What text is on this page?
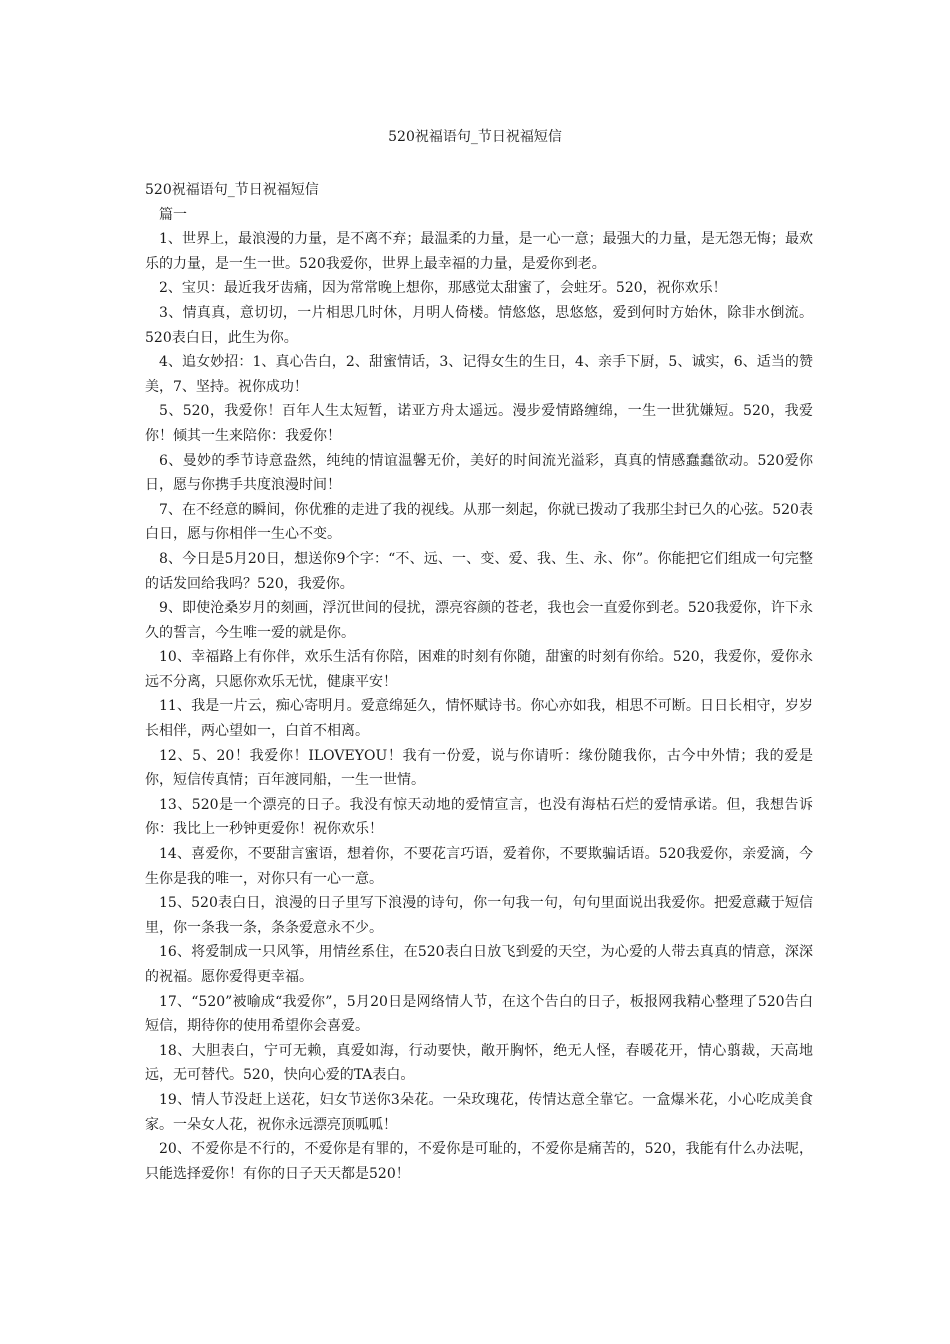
520祝福语句_节日祝福短信

520祝福语句_节日祝福短信

篇一

1、世界上，最浪漫的力量，是不离不弃；最温柔的力量，是一心一意；最强大的力量，是无怨无悔；最欢乐的力量，是一生一世。520我爱你，世界上最幸福的力量，是爱你到老。

2、宝贝：最近我牙齿痛，因为常常晚上想你，那感觉太甜蜜了，会蛀牙。520，祝你欢乐！

3、情真真，意切切，一片相思几时休，月明人倚楼。情悠悠，思悠悠，爱到何时方始休，除非水倒流。520表白日，此生为你。

4、追女妙招：1、真心告白，2、甜蜜情话，3、记得女生的生日，4、亲手下厨，5、诚实，6、适当的赞美，7、坚持。祝你成功！

5、520，我爱你！百年人生太短暂，诺亚方舟太遥远。漫步爱情路缠绵，一生一世犹嫌短。520，我爱你！倾其一生来陪你：我爱你！

6、曼妙的季节诗意盎然，纯纯的情谊温馨无价，美好的时间流光溢彩，真真的情感蠢蠢欲动。520爱你日，愿与你携手共度浪漫时间！

7、在不经意的瞬间，你优雅的走进了我的视线。从那一刻起，你就已拨动了我那尘封已久的心弦。520表白日，愿与你相伴一生心不变。

8、今日是5月20日，想送你9个字：“不、远、一、变、爱、我、生、永、你”。你能把它们组成一句完整的话发回给我吗？520，我爱你。

9、即使沧桑岁月的刻画，浮沉世间的侵扰，漂亮容颜的苍老，我也会一直爱你到老。520我爱你，许下永久的誓言，今生唯一爱的就是你。

10、幸福路上有你伴，欢乐生活有你陪，困难的时刻有你随，甜蜜的时刻有你给。520，我爱你，爱你永远不分离，只愿你欢乐无忧，健康平安！

11、我是一片云，痴心寄明月。爱意绵延久，情怀赋诗书。你心亦如我，相思不可断。日日长相守，岁岁长相伴，两心望如一，白首不相离。

12、5、20！我爱你！ILOVEYOU！我有一份爱，说与你请听：缘份随我你，古今中外情；我的爱是你，短信传真情；百年渡同船，一生一世情。

13、520是一个漂亮的日子。我没有惊天动地的爱情宣言，也没有海枯石烂的爱情承诺。但，我想告诉你：我比上一秒钟更爱你！祝你欢乐！

14、喜爱你，不要甜言蜜语，想着你，不要花言巧语，爱着你，不要欺骗话语。520我爱你，亲爱滴，今生你是我的唯一，对你只有一心一意。

15、520表白日，浪漫的日子里写下浪漫的诗句，你一句我一句，句句里面说出我爱你。把爱意藏于短信里，你一条我一条，条条爱意永不少。

16、将爱制成一只风筝，用情丝系住，在520表白日放飞到爱的天空，为心爱的人带去真真的情意，深深的祝福。愿你爱得更幸福。

17、“520”被喻成“我爱你”，5月20日是网络情人节，在这个告白的日子，板报网我精心整理了520告白短信，期待你的使用希望你会喜爱。

18、大胆表白，宁可无赖，真爱如海，行动要快，敞开胸怀，绝无人怪，春暖花开，情心翦裁，天高地远，无可替代。520，快向心爱的TA表白。

19、情人节没赶上送花，妇女节送你3朵花。一朵玫瑰花，传情达意全靠它。一盒爆米花，小心吃成美食家。一朵女人花，祝你永远漂亮顶呱呱！

20、不爱你是不行的，不爱你是有罪的，不爱你是可耻的，不爱你是痛苦的，520，我能有什么办法呢，只能选择爱你！有你的日子天天都是520！
